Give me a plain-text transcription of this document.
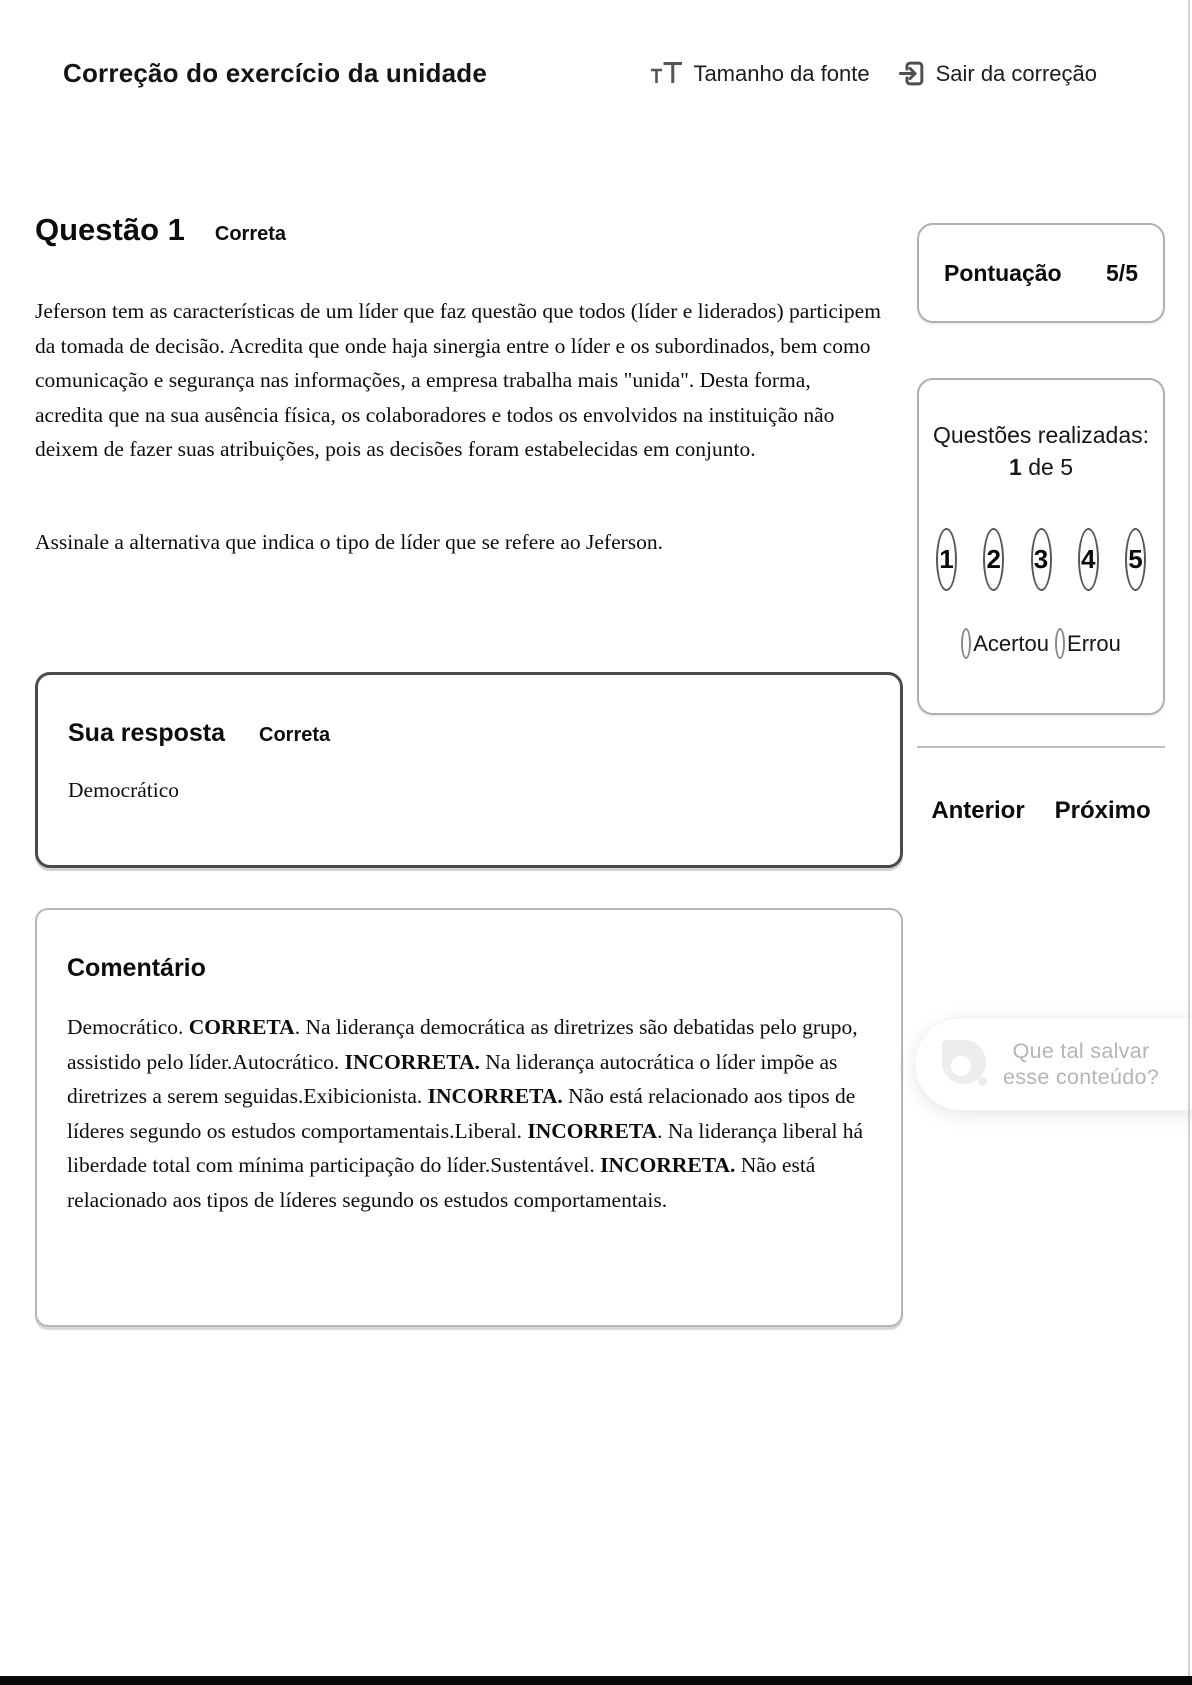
Correção do exercício da unidade	Tamanho da fonte	Sair da correção
Questão 1 Correta
Jeferson tem as características de um líder que faz questão que todos (líder e liderados) participem da tomada de decisão. Acredita que onde haja sinergia entre o líder e os subordinados, bem como comunicação e segurança nas informações, a empresa trabalha mais "unida". Desta forma, acredita que na sua ausência física, os colaboradores e todos os envolvidos na instituição não deixem de fazer suas atribuições, pois as decisões foram estabelecidas em conjunto.
Assinale a alternativa que indica o tipo de líder que se refere ao Jeferson.
Sua resposta Correta
Democrático
Comentário
Democrático. CORRETA. Na liderança democrática as diretrizes são debatidas pelo grupo, assistido pelo líder.Autocrático. INCORRETA. Na liderança autocrática o líder impõe as diretrizes a serem seguidas.Exibicionista. INCORRETA. Não está relacionado aos tipos de líderes segundo os estudos comportamentais.Liberal. INCORRETA. Na liderança liberal há liberdade total com mínima participação do líder.Sustentável. INCORRETA. Não está relacionado aos tipos de líderes segundo os estudos comportamentais.
Pontuação 5/5
Questões realizadas:
1 de 5
1 2 3 4 5
Acertou Errou
Anterior Próximo
Que tal salvar
esse conteúdo?
